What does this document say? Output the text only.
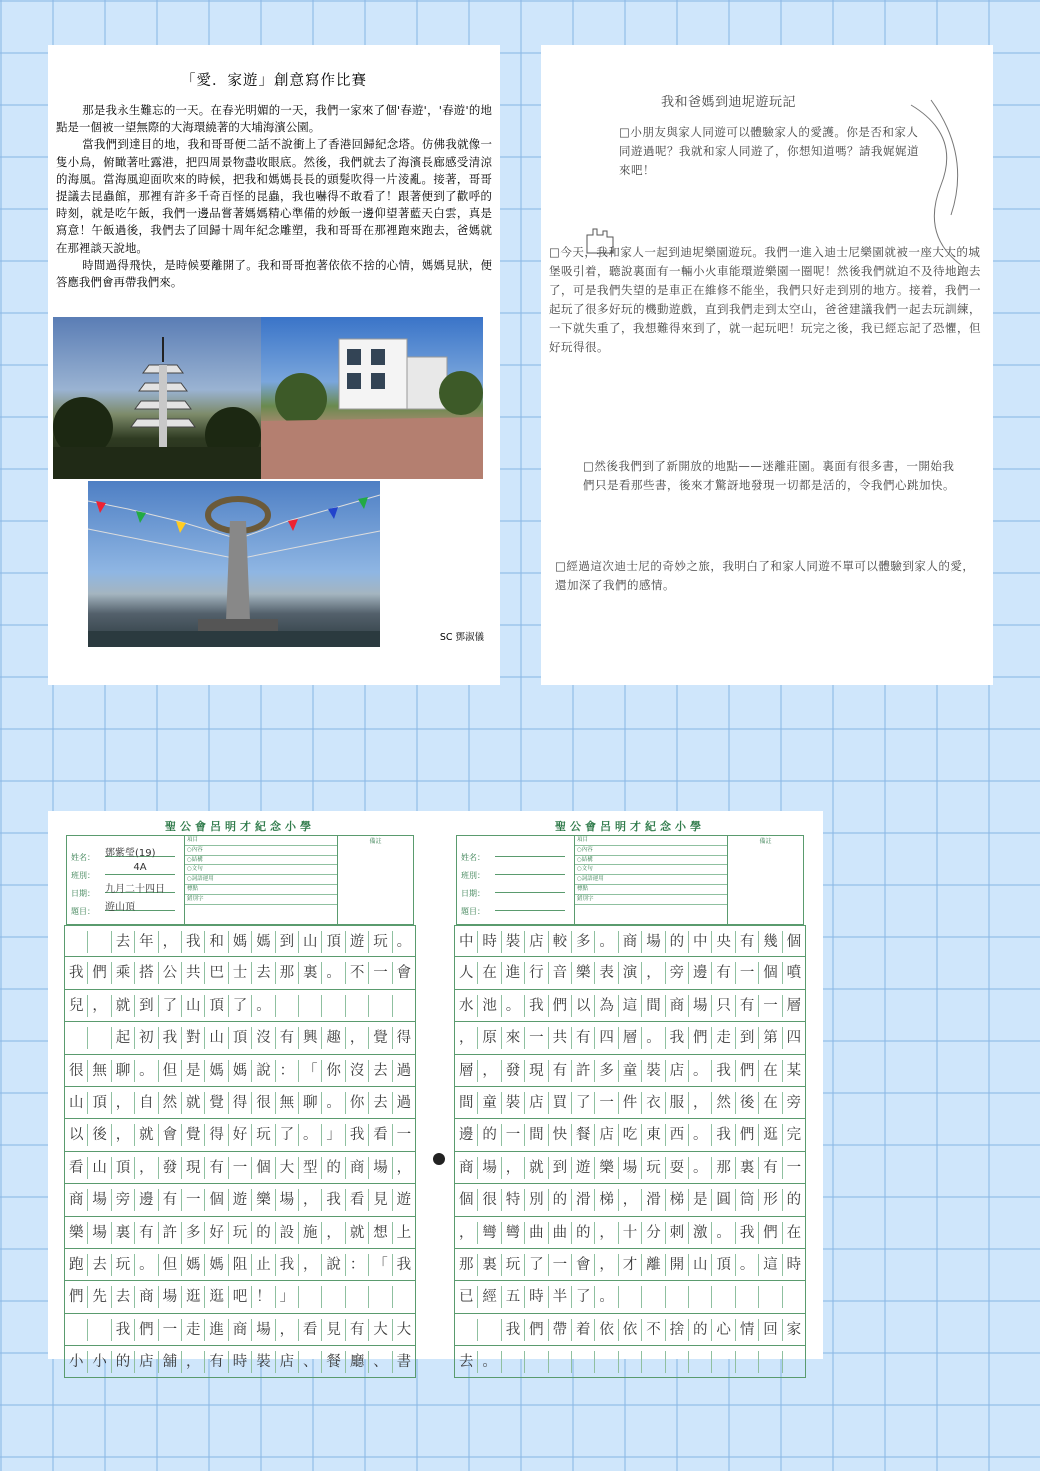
「愛．家遊」創意寫作比賽

那是我永生難忘的一天。在春光明媚的一天，我們一家來了個'春遊'，'春遊'的地點是一個被一望無際的大海環繞著的大埔海濱公園。

當我們到達目的地，我和哥哥便二話不說衝上了香港回歸紀念塔。仿佛我就像一隻小鳥，俯瞰著吐露港，把四周景物盡收眼底。然後，我們就去了海濱長廊感受清涼的海風。當海風迎面吹來的時候，把我和媽媽長長的頭髮吹得一片淩亂。接著，哥哥提議去昆蟲館，那裡有許多千奇百怪的昆蟲，我也嚇得不敢看了！跟著便到了歡呼的時刻，就是吃午飯，我們一邊品嘗著媽媽精心準備的炒飯一邊仰望著藍天白雲，真是寫意！午飯過後，我們去了回歸十周年紀念雕塑，我和哥哥在那裡跑來跑去，爸媽就在那裡談天說地。

時間過得飛快，是時候要離開了。我和哥哥抱著依依不捨的心情，媽媽見狀，便答應我們會再帶我們來。

SC 鄧淑儀
我和爸媽到迪坭遊玩記
□小朋友與家人同遊可以體驗家人的愛護。你是否和家人同遊過呢？我就和家人同遊了，你想知道嗎？請我娓娓道來吧！
□今天，我和家人一起到迪坭樂園遊玩。我們一進入迪士尼樂園就被一座大大的城堡吸引着，聽說裏面有一輛小火車能環遊樂園一圈呢！然後我們就迫不及待地跑去了，可是我們失望的是車正在維修不能坐，我們只好走到別的地方。接着，我們一起玩了很多好玩的機動遊戲，直到我們走到太空山，爸爸建議我們一起去玩訓練，一下就失重了，我想難得來到了，就一起玩吧！玩完之後，我已經忘記了恐懼，但好玩得很。
□然後我們到了新開放的地點——迷離莊園。裏面有很多書，一開始我們只是看那些書，後來才驚訝地發現一切都是活的，令我們心跳加快。
□經過這次迪士尼的奇妙之旅，我明白了和家人同遊不單可以體驗到家人的愛，還加深了我們的感情。
聖公會呂明才紀念小學
姓名： 鄧紫瑩(19)
班別：
4A
日期： 九月二十四日
題目： 遊山頂
項目
○內容
○結構
○文句
○詞語運用
標點
錯別字
備註
去 年 ， 我 和 媽 媽 到 山 頂 遊 玩 。
我 們 乘 搭 公 共 巴 士 去 那 裏 。 不 一 會
兒 ， 就 到 了 山 頂 了 。
起 初 我 對 山 頂 沒 有 興 趣 ， 覺 得
很 無 聊 。 但 是 媽 媽 說 ： 「 你 沒 去 過
山 頂 ， 自 然 就 覺 得 很 無 聊 。 你 去 過
以 後 ， 就 會 覺 得 好 玩 了 。 」 我 看 一
看 山 頂 ， 發 現 有 一 個 大 型 的 商 場 ，
商 場 旁 邊 有 一 個 遊 樂 場 ， 我 看 見 遊
樂 場 裏 有 許 多 好 玩 的 設 施 ， 就 想 上
跑 去 玩 。 但 媽 媽 阻 止 我 ， 說 ： 「 我
們 先 去 商 場 逛 逛 吧 ！ 」
我 們 一 走 進 商 場 ， 看 見 有 大 大
小 小 的 店 舖 ， 有 時 裝 店 、 餐 廳 、 書
聖公會呂明才紀念小學
姓名：
班別：
日期：
題目：
項目
○內容
○結構
○文句
○詞語運用
標點
錯別字
備註
中 時 裝 店 較 多 。 商 場 的 中 央 有 幾 個
人 在 進 行 音 樂 表 演 ， 旁 邊 有 一 個 噴
水 池 。 我 們 以 為 這 間 商 場 只 有 一 層
， 原 來 一 共 有 四 層 。 我 們 走 到 第 四
層 ， 發 現 有 許 多 童 裝 店 。 我 們 在 某
間 童 裝 店 買 了 一 件 衣 服 ， 然 後 在 旁
邊 的 一 間 快 餐 店 吃 東 西 。 我 們 逛 完
商 場 ， 就 到 遊 樂 場 玩 耍 。 那 裏 有 一
個 很 特 別 的 滑 梯 ， 滑 梯 是 圓 筒 形 的
， 彎 彎 曲 曲 的 ， 十 分 刺 激 。 我 們 在
那 裏 玩 了 一 會 ， 才 離 開 山 頂 。 這 時
已 經 五 時 半 了 。
我 們 帶 着 依 依 不 捨 的 心 情 回 家
去 。
